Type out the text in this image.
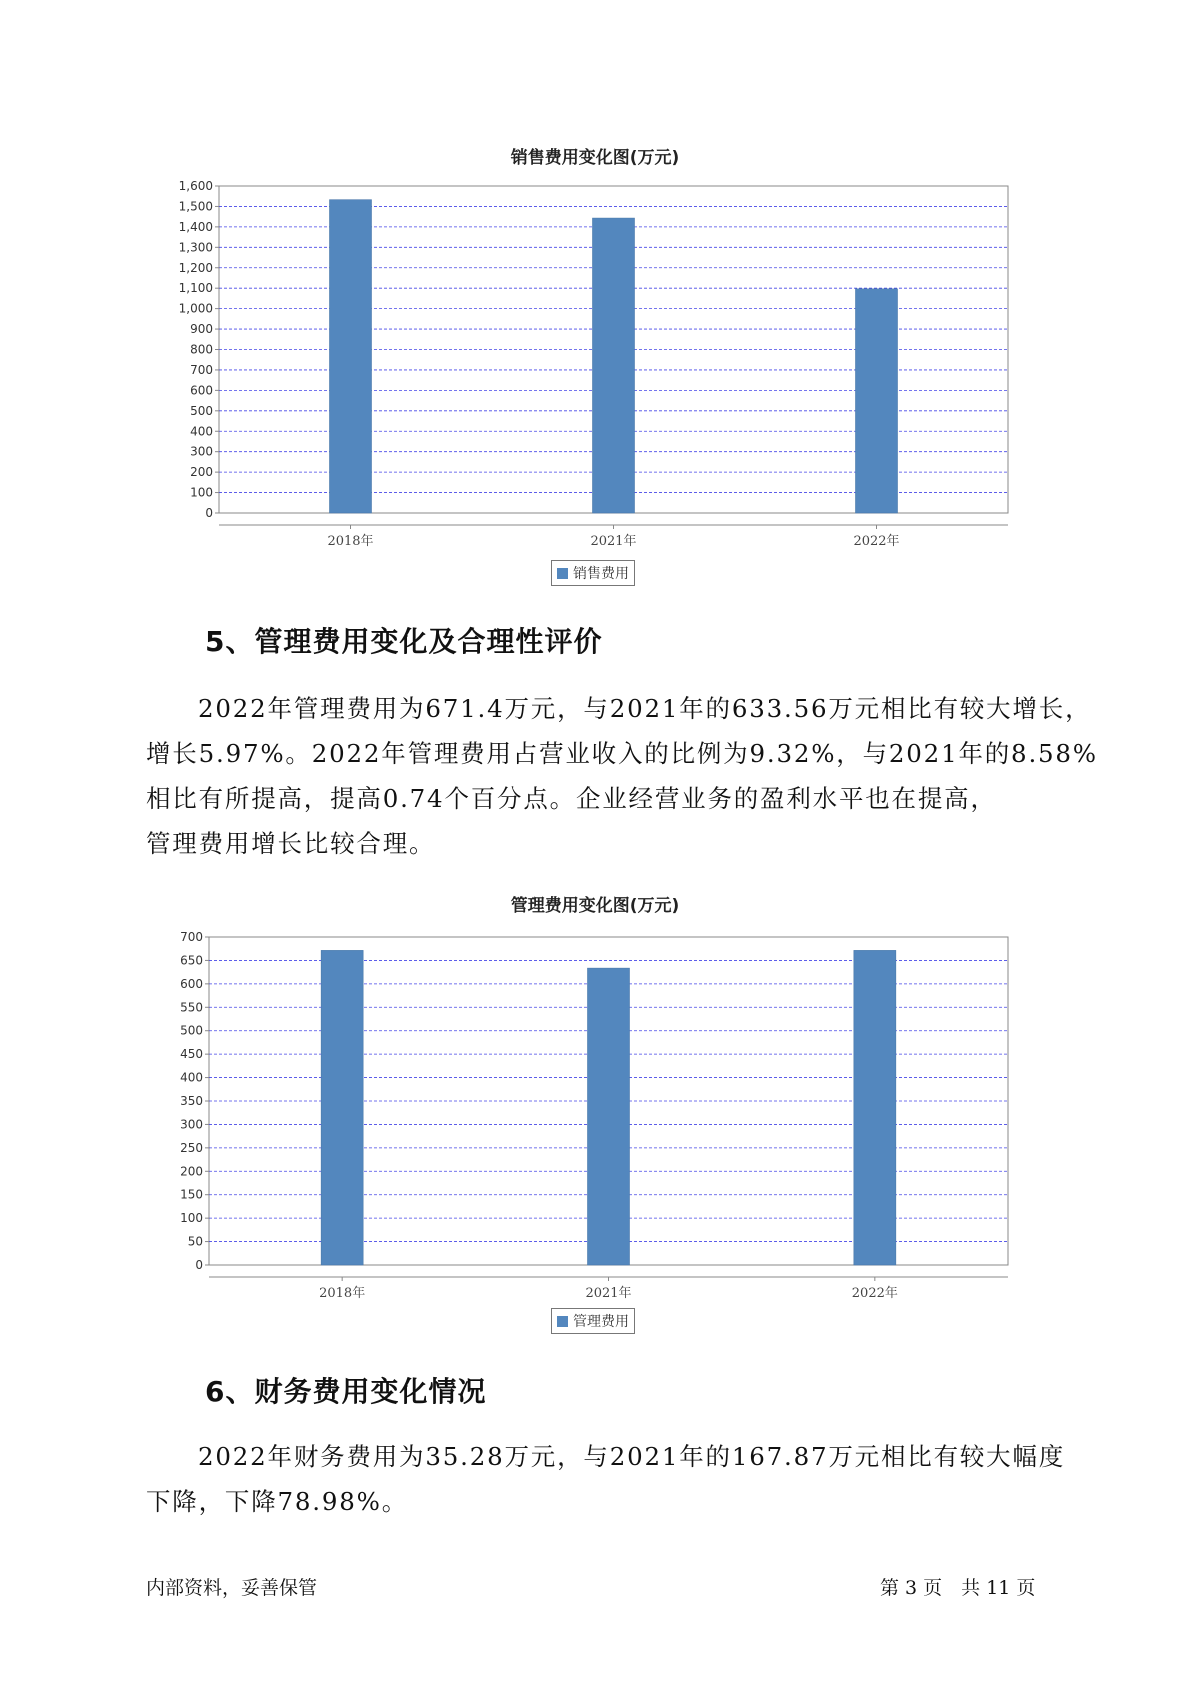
销售费用变化图(万元)
0
100
200
300
400
500
600
700
800
900
1,000
1,100
1,200
1,300
1,400
1,500
1,600
2018年	2021年	2022年
0
50
100
150
200
250
300
350
400
450
500
550
600
650
700
2018年	2021年	2022年
销售费用
5、管理费用变化及合理性评价

2022年管理费用为671.4万元，与2021年的633.56万元相比有较大增长，

增长5.97%。2022年管理费用占营业收入的比例为9.32%，与2021年的8.58%

相比有所提高，提高0.74个百分点。企业经营业务的盈利水平也在提高，

管理费用增长比较合理。

管理费用变化图(万元)
管理费用
6、财务费用变化情况

2022年财务费用为35.28万元，与2021年的167.87万元相比有较大幅度

下降，下降78.98%。

内部资料，妥善保管	第 3 页　共 11 页
